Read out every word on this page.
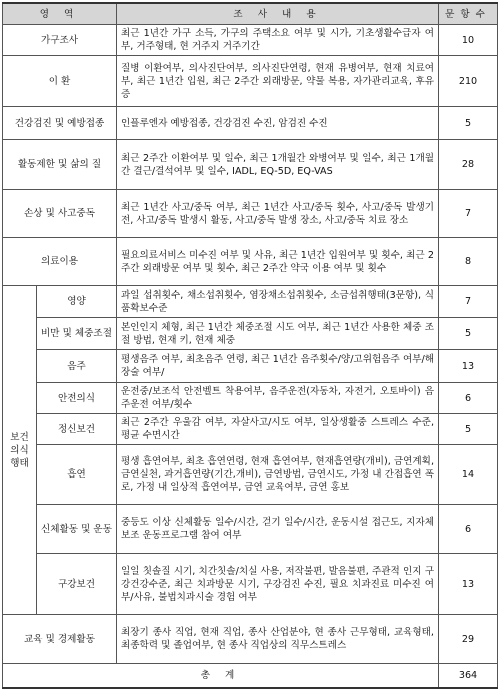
영 역		조 사 내 용	문항수
가구조사		최근 1년간 가구 소득, 가구의 주택소요 여부 및 시가, 기초생활수급자 여부, 거주형태, 현 거주지 거주기간	10
이 환		질병 이환여부, 의사진단여부, 의사진단연령, 현재 유병여부, 현재 치료여부, 최근 1년간 입원, 최근 2주간 외래방문, 약물 복용, 자가관리교육, 후유증	210
건강검진 및 예방접종		인플루엔자 예방접종, 건강검진 수진, 암검진 수진	5
활동제한 및 삶의 질		최근 2주간 이환여부 및 일수, 최근 1개월간 와병여부 및 일수, 최근 1개월간 결근/결석여부 및 일수, IADL, EQ-5D, EQ-VAS	28
손상 및 사고중독		최근 1년간 사고/중독 여부, 최근 1년간 사고/중독 횟수, 사고/중독 발생기전, 사고/중독 발생시 활동, 사고/중독 발생 장소, 사고/중독 치료 장소	7
의료이용		필요의료서비스 미수진 여부 및 사유, 최근 1년간 입원여부 및 횟수, 최근 2주간 외래방문 여부 및 횟수, 최근 2주간 약국 이용 여부 및 횟수	8
보건의식행태	영양	과일 섭취횟수, 채소섭취횟수, 염장채소섭취횟수, 소금섭취행태(3문항), 식품확보수준	7
	비만 및 체중조절	본인인지 체형, 최근 1년간 체중조절 시도 여부, 최근 1년간 사용한 체중 조절 방법, 현재 키, 현재 체중	5
	음주	평생음주 여부, 최초음주 연령, 최근 1년간 음주횟수/양/고위험음주 여부/해장술 여부/	13
	안전의식	운전중/보조석 안전벨트 착용여부, 음주운전(자동차, 자전거, 오토바이) 음주운전 여부/횟수	6
	정신보건	최근 2주간 우울감 여부, 자살사고/시도 여부, 일상생활중 스트레스 수준, 평균 수면시간	5
	흡연	평생 흡연여부, 최초 흡연연령, 현재 흡연여부, 현재흡연량(개비), 금연계획, 금연실천, 과거흡연량(기간,개비), 금연방법, 금연시도, 가정 내 간접흡연 폭로, 가정 내 일상적 흡연여부, 금연 교육여부, 금연 홍보	14
	신체활동 및 운동	중등도 이상 신체활동 일수/시간, 걷기 일수/시간, 운동시설 접근도, 지자체 보조 운동프로그램 참여 여부	6
	구강보건	일일 칫솔질 시기, 치간칫솔/치실 사용, 저작불편, 발음불편, 주관적 인지 구강건강수준, 최근 치과방문 시기, 구강검진 수진, 필요 치과진료 미수진 여부/사유, 불법치과시술 경험 여부	13
교육 및 경제활동		최장기 종사 직업, 현재 직업, 종사 산업분야, 현 종사 근무형태, 교육형태, 최종학력 및 졸업여부, 현 종사 직업상의 직무스트레스	29
총 계			364
